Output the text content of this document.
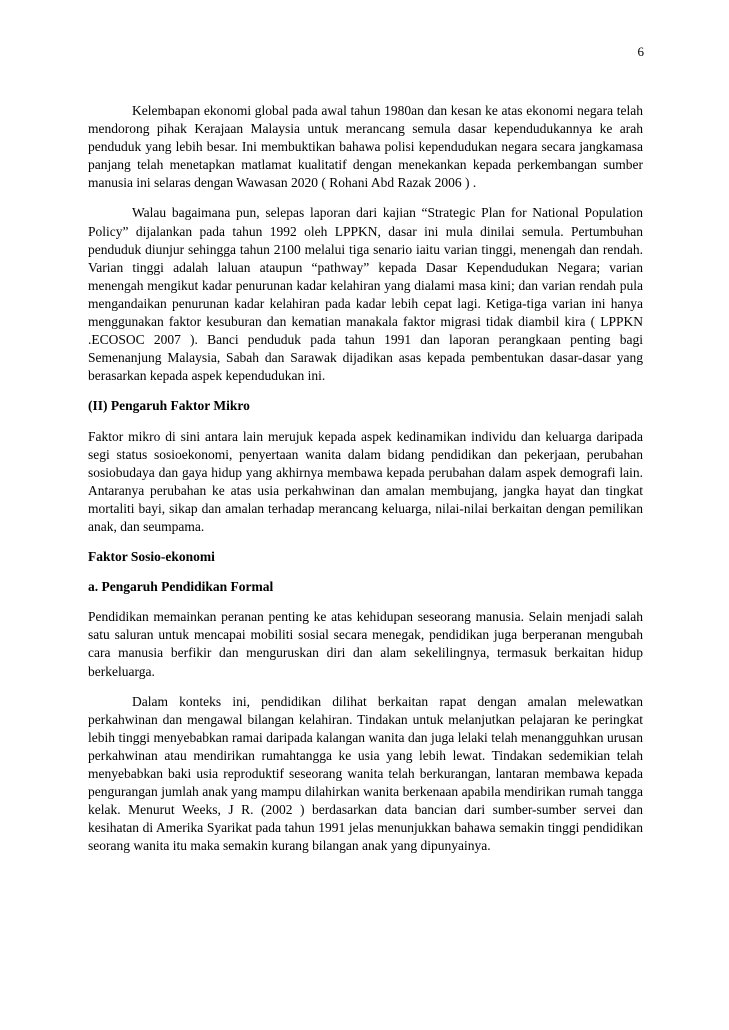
6

Kelembapan ekonomi global pada awal tahun 1980an dan kesan ke atas ekonomi negara telah mendorong pihak Kerajaan Malaysia untuk merancang semula dasar kependudukannya ke arah penduduk yang lebih besar. Ini membuktikan bahawa polisi kependudukan negara secara jangkamasa panjang telah menetapkan matlamat kualitatif dengan menekankan kepada perkembangan sumber manusia ini selaras dengan Wawasan 2020 ( Rohani Abd Razak 2006 ) .

Walau bagaimana pun, selepas laporan dari kajian “Strategic Plan for National Population Policy” dijalankan pada tahun 1992 oleh LPPKN, dasar ini mula dinilai semula. Pertumbuhan penduduk diunjur sehingga tahun 2100 melalui tiga senario iaitu varian tinggi, menengah dan rendah. Varian tinggi adalah laluan ataupun “pathway” kepada Dasar Kependudukan Negara; varian menengah mengikut kadar penurunan kadar kelahiran yang dialami masa kini; dan varian rendah pula mengandaikan penurunan kadar kelahiran pada kadar lebih cepat lagi. Ketiga-tiga varian ini hanya menggunakan faktor kesuburan dan kematian manakala faktor migrasi tidak diambil kira ( LPPKN .ECOSOC 2007 ). Banci penduduk pada tahun 1991 dan laporan perangkaan penting bagi Semenanjung Malaysia, Sabah dan Sarawak dijadikan asas kepada pembentukan dasar-dasar yang berasarkan kepada aspek kependudukan ini.

(II) Pengaruh Faktor Mikro

Faktor mikro di sini antara lain merujuk kepada aspek kedinamikan individu dan keluarga daripada segi status sosioekonomi, penyertaan wanita dalam bidang pendidikan dan pekerjaan, perubahan sosiobudaya dan gaya hidup yang akhirnya membawa kepada perubahan dalam aspek demografi lain. Antaranya perubahan ke atas usia perkahwinan dan amalan membujang, jangka hayat dan tingkat mortaliti bayi, sikap dan amalan terhadap merancang keluarga, nilai-nilai berkaitan dengan pemilikan anak, dan seumpama.

Faktor Sosio-ekonomi
a. Pengaruh Pendidikan Formal

Pendidikan memainkan peranan penting ke atas kehidupan seseorang manusia. Selain menjadi salah satu saluran untuk mencapai mobiliti sosial secara menegak, pendidikan juga berperanan mengubah cara manusia berfikir dan menguruskan diri dan alam sekelilingnya, termasuk berkaitan hidup berkeluarga.

Dalam konteks ini, pendidikan dilihat berkaitan rapat dengan amalan melewatkan perkahwinan dan mengawal bilangan kelahiran. Tindakan untuk melanjutkan pelajaran ke peringkat lebih tinggi menyebabkan ramai daripada kalangan wanita dan juga lelaki telah menangguhkan urusan perkahwinan atau mendirikan rumahtangga ke usia yang lebih lewat. Tindakan sedemikian telah menyebabkan baki usia reproduktif seseorang wanita telah berkurangan, lantaran membawa kepada pengurangan jumlah anak yang mampu dilahirkan wanita berkenaan apabila mendirikan rumah tangga kelak. Menurut Weeks, J R. (2002 ) berdasarkan data bancian dari sumber-sumber servei dan kesihatan di Amerika Syarikat pada tahun 1991 jelas menunjukkan bahawa semakin tinggi pendidikan seorang wanita itu maka semakin kurang bilangan anak yang dipunyainya.
